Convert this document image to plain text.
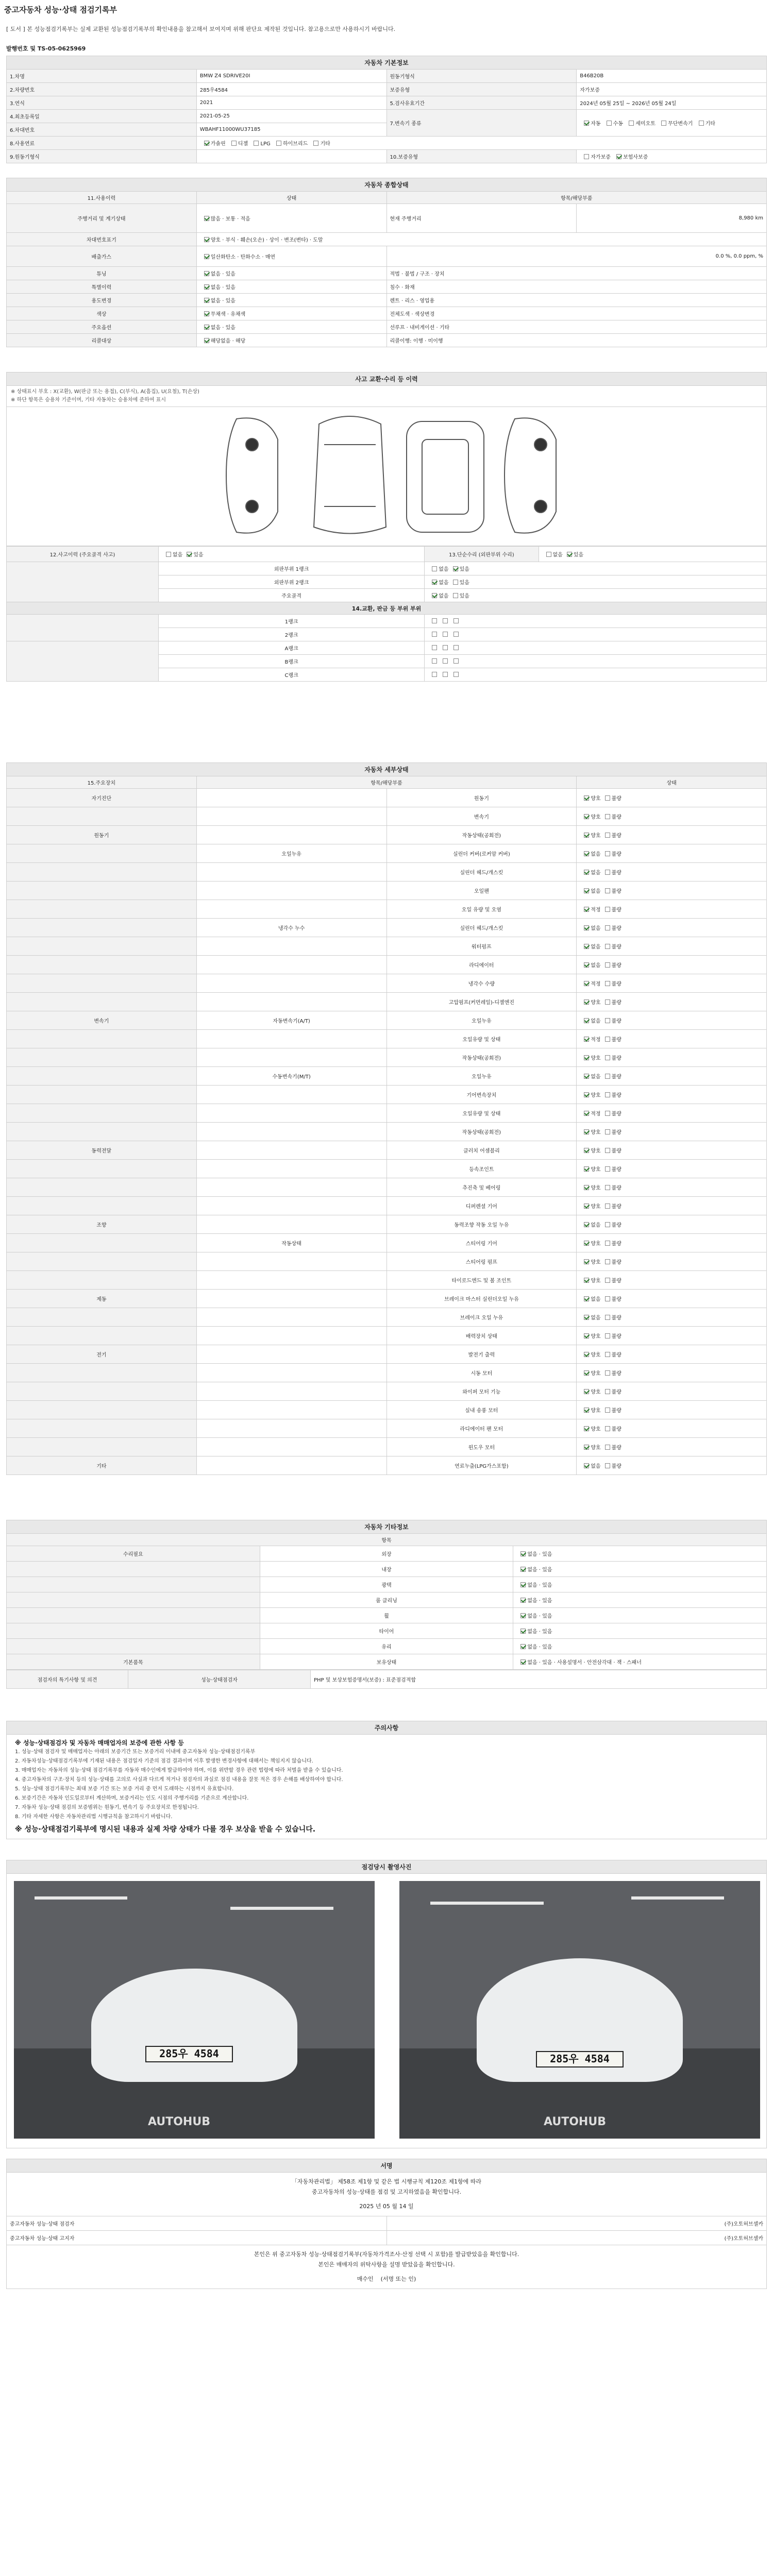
중고자동차 성능·상태 점검기록부
[ 도서 ] 본 성능점검기록부는 실제 교환된 성능점검기록부의 확인내용을 참고해서 보여지며 위해 판단요 제작된 것입니다. 참고용으로만 사용하시기 바랍니다.
발행번호 및 TS-05-0625969
자동차 기본정보			
1.차명	BMW Z4 SDRIVE20I	원동기형식	B46B20B
2.차량번호	285우4584	보증유형	자가보증
3.연식	2021	5.검사유효기간	2024년 05월 25일 ~ 2026년 05월 24일
4.최초등록일	2021-05-25	7.변속기 종류	자동 수동 세미오토 무단변속기 기타
6.차대번호	WBAHF11000WU37185		
8.사용연료	가솔린 디젤 LPG 하이브리드 기타		
9.원동기형식		10.보증유형	자가보증 보험사보증
자동차 종합상태			
11.사용이력	상태	항목/해당부품	
주행거리 및 계기상태	많음 · 보통 · 적음	현재 주행거리	8,980 km
차대번호표기	양호 · 부식 · 훼손(오손) · 상이 · 변조(변타) · 도말		
배출가스	일산화탄소 · 탄화수소 · 매연	0.0 %, 0.0 ppm, %	
튜닝	없음 · 있음	적법 · 불법 / 구조 · 장치	
특별이력	없음 · 있음	침수 · 화재	
용도변경	없음 · 있음	렌트 · 리스 · 영업용	
색상	무채색 · 유채색	전체도색 · 색상변경	
주요옵션	없음 · 있음	선루프 · 내비게이션 · 기타	
리콜대상	해당없음 · 해당	리콜이행: 이행 · 미이행	
사고 교환·수리 등 이력

※ 상태표시 부호 : X(교환), W(판금 또는 용접), C(부식), A(흠집), U(요철), T(손상)
※ 하단 항목은 승용차 기준이며, 기타 자동차는 승용차에 준하여 표시

12.사고이력 (주요골격 사고)	없음 있음	13.단순수리 (외판부위 수리)	없음 있음
	외판부위 1랭크	없음 있음	
	외판부위 2랭크	없음 있음	
	주요골격	없음 있음	
14.교환, 판금 등 부위 부위			
	1랭크		
	2랭크		
	A랭크		
	B랭크		
	C랭크		
자동차 세부상태			
15.주요장치	항목/해당부품		상태
자기진단		원동기	양호 불량
		변속기	양호 불량
원동기		작동상태(공회전)	양호 불량
	오일누유	실린더 커버(로커암 커버)	없음 불량
		실린더 헤드/개스킷	없음 불량
		오일팬	없음 불량
		오일 유량 및 오염	적정 불량
	냉각수 누수	실린더 헤드/개스킷	없음 불량
		워터펌프	없음 불량
		라디에이터	없음 불량
		냉각수 수량	적정 불량
		고압펌프(커먼레일)-디젤엔진	양호 불량
변속기	자동변속기(A/T)	오일누유	없음 불량
		오일유량 및 상태	적정 불량
		작동상태(공회전)	양호 불량
	수동변속기(M/T)	오일누유	없음 불량
		기어변속장치	양호 불량
		오일유량 및 상태	적정 불량
		작동상태(공회전)	양호 불량
동력전달		클러치 어셈블리	양호 불량
		등속조인트	양호 불량
		추진축 및 베어링	양호 불량
		디퍼렌셜 기어	양호 불량
조향		동력조향 작동 오일 누유	없음 불량
	작동상태	스티어링 기어	양호 불량
		스티어링 펌프	양호 불량
		타이로드엔드 및 볼 조인트	양호 불량
제동		브레이크 마스터 실린더오일 누유	없음 불량
		브레이크 오일 누유	없음 불량
		배력장치 상태	양호 불량
전기		발전기 출력	양호 불량
		시동 모터	양호 불량
		와이퍼 모터 기능	양호 불량
		실내 송풍 모터	양호 불량
		라디에이터 팬 모터	양호 불량
		윈도우 모터	양호 불량
기타		연료누출(LPG가스포함)	없음 불량
자동차 기타정보		
항목		
수리필요	외장	없음 · 있음
	내장	없음 · 있음
	광택	없음 · 있음
	룸 클리닝	없음 · 있음
	휠	없음 · 있음
	타이어	없음 · 있음
	유리	없음 · 있음
기본품목	보유상태	없음 · 있음 · 사용설명서 · 안전삼각대 · 잭 · 스패너
점검자의 특기사항 및 의견	성능·상태점검자	PHP 및 보상보험증명서(보증) : 표준점검적합
주의사항

※ 성능·상태점검자 및 자동차 매매업자의 보증에 관한 사항 등

1. 성능·상태 점검자 및 매매업자는 아래의 보증기간 또는 보증거리 이내에 중고자동차 성능·상태점검기록부

2. 자동차성능·상태점검기록부에 기재된 내용은 점검일자 기준의 점검 결과이며 이후 발생한 변경사항에 대해서는 책임지지 않습니다.

3. 매매업자는 자동차의 성능·상태 점검기록부를 자동차 매수인에게 발급하여야 하며, 이를 위반할 경우 관련 법령에 따라 처벌을 받을 수 있습니다.

4. 중고자동차의 구조·장치 등의 성능·상태를 고의로 사실과 다르게 적거나 점검자의 과실로 점검 내용을 잘못 적은 경우 손해를 배상하여야 합니다.

5. 성능·상태 점검기록부는 최대 보증 기간 또는 보증 거리 중 먼저 도래하는 시점까지 유효합니다.

6. 보증기간은 자동차 인도일로부터 계산하며, 보증거리는 인도 시점의 주행거리를 기준으로 계산합니다.

7. 자동차 성능·상태 점검의 보증범위는 원동기, 변속기 등 주요장치로 한정됩니다.

8. 기타 자세한 사항은 자동차관리법 시행규칙을 참고하시기 바랍니다.

※ 성능·상태점검기록부에 명시된 내용과 실제 차량 상태가 다를 경우 보상을 받을 수 있습니다.

점검당시 촬영사진
285우 4584
AUTOHUB
285우 4584
AUTOHUB
서명	

「자동차관리법」 제58조 제1항 및 같은 법 시행규칙 제120조 제1항에 따라
중고자동차의 성능·상태를 점검 및 고지하였음을 확인합니다.
2025 년 05 월 14 일	

중고자동차 성능·상태 점검자	(주)오토허브셀카
중고자동차 성능·상태 고지자	(주)오토허브셀카

본인은 위 중고자동차 성능·상태점검기록부(자동차가격조사·산정 선택 시 포함)를 발급받았음을 확인합니다.
본인은 매매자의 위탁사항을 설명 받았음을 확인합니다.
매수인 (서명 또는 인)	
